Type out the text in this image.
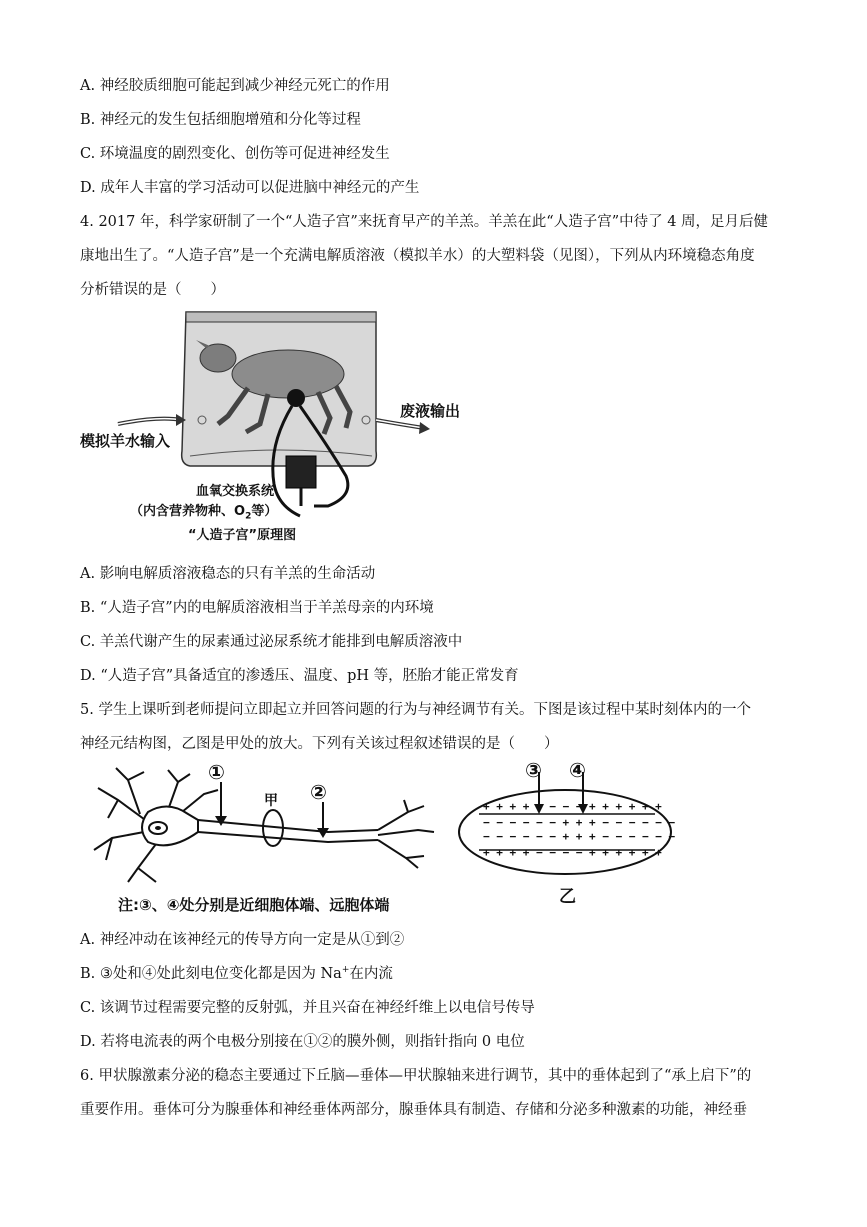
A. 神经胶质细胞可能起到减少神经元死亡的作用
B. 神经元的发生包括细胞增殖和分化等过程
C. 环境温度的剧烈变化、创伤等可促进神经发生
D. 成年人丰富的学习活动可以促进脑中神经元的产生
4. 2017 年，科学家研制了一个“人造子宫”来抚育早产的羊羔。羊羔在此“人造子宫”中待了 4 周，足月后健
康地出生了。“人造子宫”是一个充满电解质溶液（模拟羊水）的大塑料袋（见图），下列从内环境稳态角度
分析错误的是（　　）
废液输出
模拟羊水输入
血氧交换系统
（内含营养物种、$O_2$等）
“人造子宫”原理图
A. 影响电解质溶液稳态的只有羊羔的生命活动
B. “人造子宫”内的电解质溶液相当于羊羔母亲的内环境
C. 羊羔代谢产生的尿素通过泌尿系统才能排到电解质溶液中
D. “人造子宫”具备适宜的渗透压、温度、pH 等，胚胎才能正常发育
5. 学生上课听到老师提问立即起立并回答问题的行为与神经调节有关。下图是该过程中某时刻体内的一个
神经元结构图，乙图是甲处的放大。下列有关该过程叙述错误的是（　　）
①
②
甲
注:③、④处分别是近细胞体端、远胞体端
③ ④
+ + + + − − − − + + + + + +
− − − − − − + + + − − − − − −
− − − − − − + + + − − − − − −
+ + + + − − − − + + + + + +
乙
A. 神经冲动在该神经元的传导方向一定是从①到②
B. ③处和④处此刻电位变化都是因为 Na+在内流
C. 该调节过程需要完整的反射弧，并且兴奋在神经纤维上以电信号传导
D. 若将电流表的两个电极分别接在①②的膜外侧，则指针指向 0 电位
6. 甲状腺激素分泌的稳态主要通过下丘脑—垂体—甲状腺轴来进行调节，其中的垂体起到了“承上启下”的
重要作用。垂体可分为腺垂体和神经垂体两部分，腺垂体具有制造、存储和分泌多种激素的功能，神经垂
